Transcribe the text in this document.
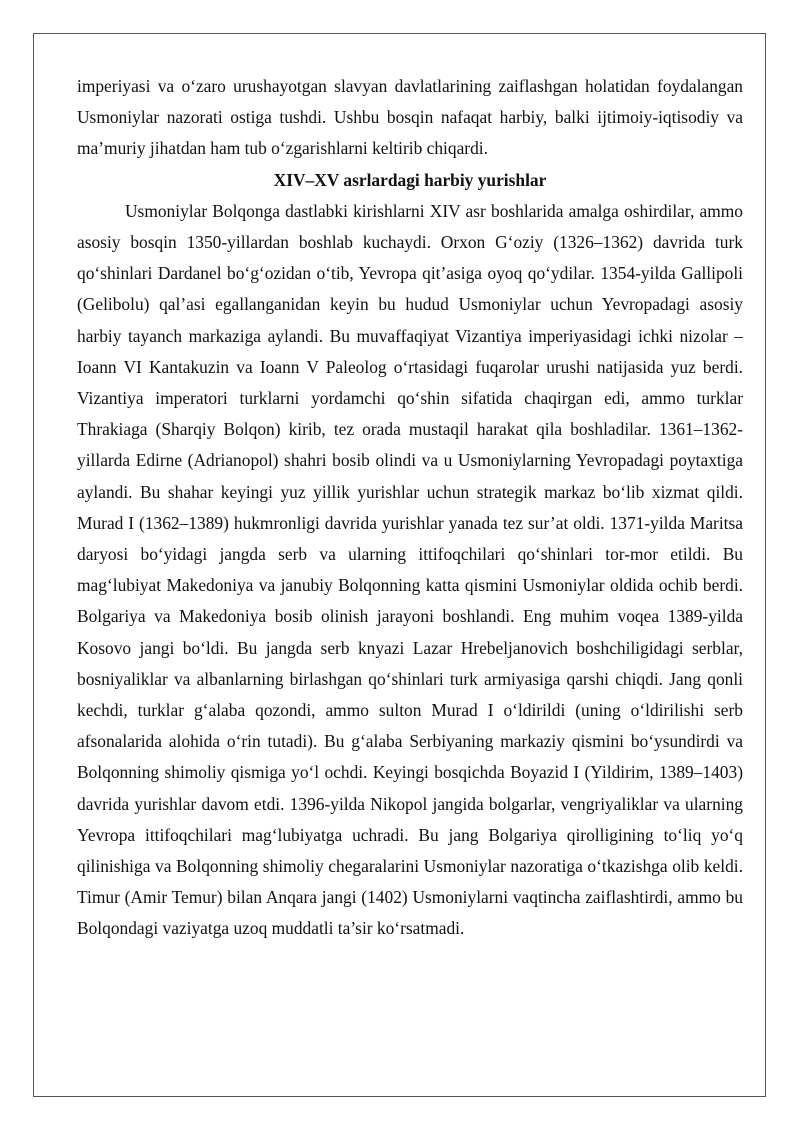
imperiyasi va o‘zaro urushayotgan slavyan davlatlarining zaiflashgan holatidan foydalangan Usmoniylar nazorati ostiga tushdi. Ushbu bosqin nafaqat harbiy, balki ijtimoiy-iqtisodiy va ma’muriy jihatdan ham tub o‘zgarishlarni keltirib chiqardi.

XIV–XV asrlardagi harbiy yurishlar

Usmoniylar Bolqonga dastlabki kirishlarni XIV asr boshlarida amalga oshirdilar, ammo asosiy bosqin 1350-yillardan boshlab kuchaydi. Orxon G‘oziy (1326–1362) davrida turk qo‘shinlari Dardanel bo‘g‘ozidan o‘tib, Yevropa qit’asiga oyoq qo‘ydilar. 1354-yilda Gallipoli (Gelibolu) qal’asi egallanganidan keyin bu hudud Usmoniylar uchun Yevropadagi asosiy harbiy tayanch markaziga aylandi. Bu muvaffaqiyat Vizantiya imperiyasidagi ichki nizolar – Ioann VI Kantakuzin va Ioann V Paleolog o‘rtasidagi fuqarolar urushi natijasida yuz berdi. Vizantiya imperatori turklarni yordamchi qo‘shin sifatida chaqirgan edi, ammo turklar Thrakiaga (Sharqiy Bolqon) kirib, tez orada mustaqil harakat qila boshladilar. 1361–1362-yillarda Edirne (Adrianopol) shahri bosib olindi va u Usmoniylarning Yevropadagi poytaxtiga aylandi. Bu shahar keyingi yuz yillik yurishlar uchun strategik markaz bo‘lib xizmat qildi. Murad I (1362–1389) hukmronligi davrida yurishlar yanada tez sur’at oldi. 1371-yilda Maritsa daryosi bo‘yidagi jangda serb va ularning ittifoqchilari qo‘shinlari tor-mor etildi. Bu mag‘lubiyat Makedoniya va janubiy Bolqonning katta qismini Usmoniylar oldida ochib berdi. Bolgariya va Makedoniya bosib olinish jarayoni boshlandi. Eng muhim voqea 1389-yilda Kosovo jangi bo‘ldi. Bu jangda serb knyazi Lazar Hrebeljanovich boshchiligidagi serblar, bosniyaliklar va albanlarning birlashgan qo‘shinlari turk armiyasiga qarshi chiqdi. Jang qonli kechdi, turklar g‘alaba qozondi, ammo sulton Murad I o‘ldirildi (uning o‘ldirilishi serb afsonalarida alohida o‘rin tutadi). Bu g‘alaba Serbiyaning markaziy qismini bo‘ysundirdi va Bolqonning shimoliy qismiga yo‘l ochdi. Keyingi bosqichda Boyazid I (Yildirim, 1389–1403) davrida yurishlar davom etdi. 1396-yilda Nikopol jangida bolgarlar, vengriyaliklar va ularning Yevropa ittifoqchilari mag‘lubiyatga uchradi. Bu jang Bolgariya qirolligining to‘liq yo‘q qilinishiga va Bolqonning shimoliy chegaralarini Usmoniylar nazoratiga o‘tkazishga olib keldi. Timur (Amir Temur) bilan Anqara jangi (1402) Usmoniylarni vaqtincha zaiflashtirdi, ammo bu Bolqondagi vaziyatga uzoq muddatli ta’sir ko‘rsatmadi.
